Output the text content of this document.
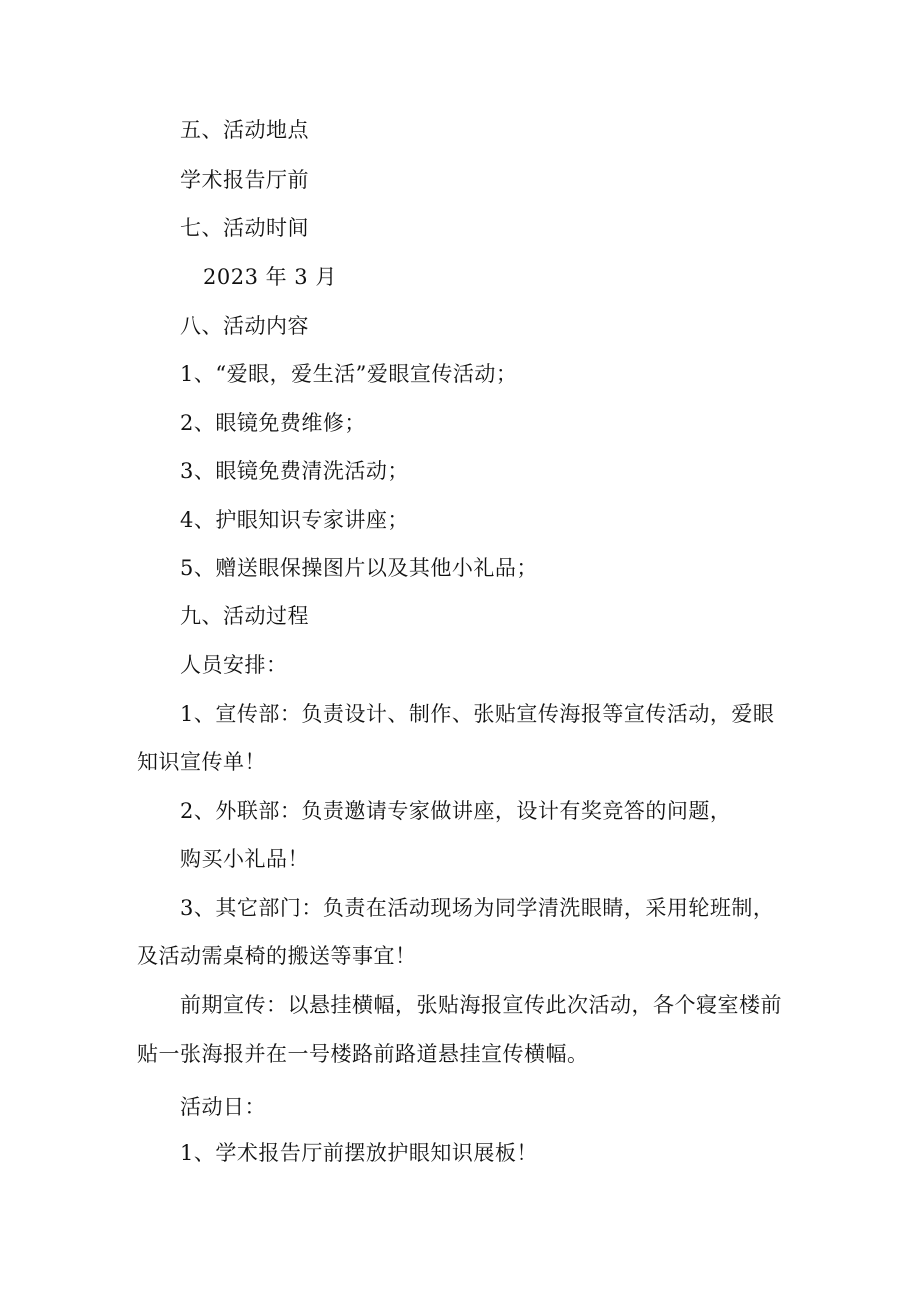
五、活动地点
学术报告厅前
七、活动时间
2023 年 3 月
八、活动内容
1、“爱眼，爱生活”爱眼宣传活动；
2、眼镜免费维修；
3、眼镜免费清洗活动；
4、护眼知识专家讲座；
5、赠送眼保操图片以及其他小礼品；
九、活动过程
人员安排：
1、宣传部：负责设计、制作、张贴宣传海报等宣传活动，爱眼
知识宣传单！
2、外联部：负责邀请专家做讲座，设计有奖竞答的问题，
购买小礼品！
3、其它部门：负责在活动现场为同学清洗眼睛，采用轮班制，
及活动需桌椅的搬送等事宜！
前期宣传：以悬挂横幅，张贴海报宣传此次活动，各个寝室楼前
贴一张海报并在一号楼路前路道悬挂宣传横幅。
活动日：
1、学术报告厅前摆放护眼知识展板！
